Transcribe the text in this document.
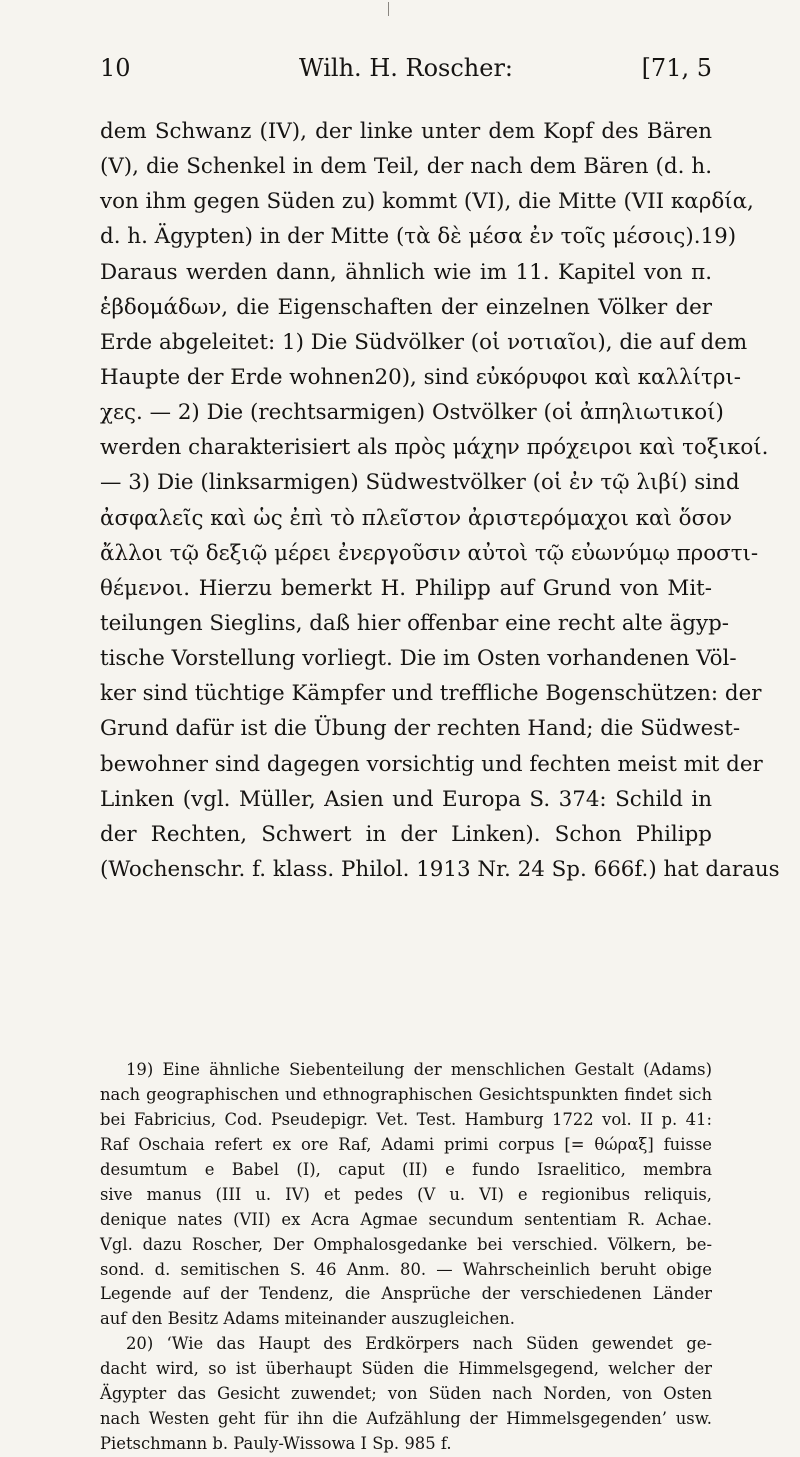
10	Wilh. H. Roscher:	[71, 5
dem Schwanz (IV), der linke unter dem Kopf des Bären
(V), die Schenkel in dem Teil, der nach dem Bären (d. h.
von ihm gegen Süden zu) kommt (VI), die Mitte (VII καρδία,
d. h. Ägypten) in der Mitte (τὰ δὲ μέσα ἐν τοῖς μέσοις).19)
Daraus werden dann, ähnlich wie im 11. Kapitel von π.
ἑβδομάδων, die Eigenschaften der einzelnen Völker der
Erde abgeleitet: 1) Die Südvölker (οἱ νοτιαῖοι), die auf dem
Haupte der Erde wohnen20), sind εὐκόρυφοι καὶ καλλίτρι-
χες. — 2) Die (rechtsarmigen) Ostvölker (οἱ ἀπηλιωτικοί)
werden charakterisiert als πρὸς μάχην πρόχειροι καὶ τοξικοί.
— 3) Die (linksarmigen) Südwestvölker (οἱ ἐν τῷ λιβί) sind
ἀσφαλεῖς καὶ ὡς ἐπὶ τὸ πλεῖστον ἀριστερόμαχοι καὶ ὅσον
ἄλλοι τῷ δεξιῷ μέρει ἐνεργοῦσιν αὐτοὶ τῷ εὐωνύμῳ προστι-
θέμενοι. Hierzu bemerkt H. Philipp auf Grund von Mit-
teilungen Sieglins, daß hier offenbar eine recht alte ägyp-
tische Vorstellung vorliegt. Die im Osten vorhandenen Völ-
ker sind tüchtige Kämpfer und treffliche Bogenschützen: der
Grund dafür ist die Übung der rechten Hand; die Südwest-
bewohner sind dagegen vorsichtig und fechten meist mit der
Linken (vgl. Müller, Asien und Europa S. 374: Schild in
der Rechten, Schwert in der Linken). Schon Philipp
(Wochenschr. f. klass. Philol. 1913 Nr. 24 Sp. 666f.) hat daraus
19) Eine ähnliche Siebenteilung der menschlichen Gestalt (Adams)
nach geographischen und ethnographischen Gesichtspunkten findet sich
bei Fabricius, Cod. Pseudepigr. Vet. Test. Hamburg 1722 vol. II p. 41:
Raf Oschaia refert ex ore Raf, Adami primi corpus [= θώραξ] fuisse
desumtum e Babel (I), caput (II) e fundo Israelitico, membra
sive manus (III u. IV) et pedes (V u. VI) e regionibus reliquis,
denique nates (VII) ex Acra Agmae secundum sententiam R. Achae.
Vgl. dazu Roscher, Der Omphalosgedanke bei verschied. Völkern, be-
sond. d. semitischen S. 46 Anm. 80. — Wahrscheinlich beruht obige
Legende auf der Tendenz, die Ansprüche der verschiedenen Länder
auf den Besitz Adams miteinander auszugleichen.
20) ‘Wie das Haupt des Erdkörpers nach Süden gewendet ge-
dacht wird, so ist überhaupt Süden die Himmelsgegend, welcher der
Ägypter das Gesicht zuwendet; von Süden nach Norden, von Osten
nach Westen geht für ihn die Aufzählung der Himmelsgegenden’ usw.
Pietschmann b. Pauly-Wissowa I Sp. 985 f.
